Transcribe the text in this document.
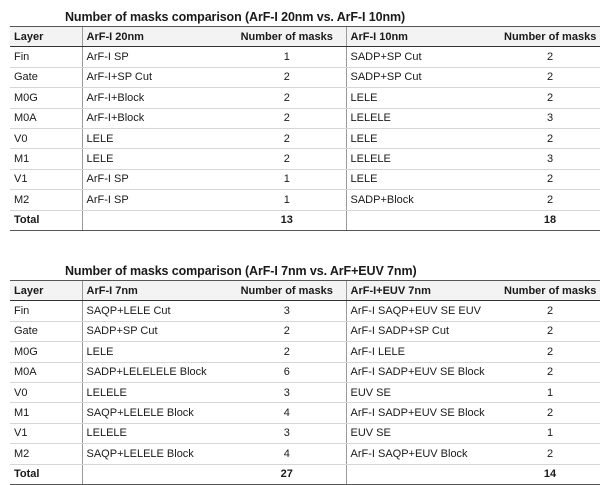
Number of masks comparison (ArF-I 20nm vs. ArF-I 10nm)
Layer	ArF-I 20nm	Number of masks	ArF-I 10nm	Number of masks
Fin	ArF-I SP	1	SADP+SP Cut	2
Gate	ArF-I+SP Cut	2	SADP+SP Cut	2
M0G	ArF-I+Block	2	LELE	2
M0A	ArF-I+Block	2	LELELE	3
V0	LELE	2	LELE	2
M1	LELE	2	LELELE	3
V1	ArF-I SP	1	LELE	2
M2	ArF-I SP	1	SADP+Block	2
Total		13		18
Number of masks comparison (ArF-I 7nm vs. ArF+EUV 7nm)
Layer	ArF-I 7nm	Number of masks	ArF-I+EUV 7nm	Number of masks
Fin	SAQP+LELE Cut	3	ArF-I SAQP+EUV SE EUV	2
Gate	SADP+SP Cut	2	ArF-I SADP+SP Cut	2
M0G	LELE	2	ArF-I LELE	2
M0A	SADP+LELELELE Block	6	ArF-I SADP+EUV SE Block	2
V0	LELELE	3	EUV SE	1
M1	SAQP+LELELE Block	4	ArF-I SADP+EUV SE Block	2
V1	LELELE	3	EUV SE	1
M2	SAQP+LELELE Block	4	ArF-I SAQP+EUV Block	2
Total		27		14
